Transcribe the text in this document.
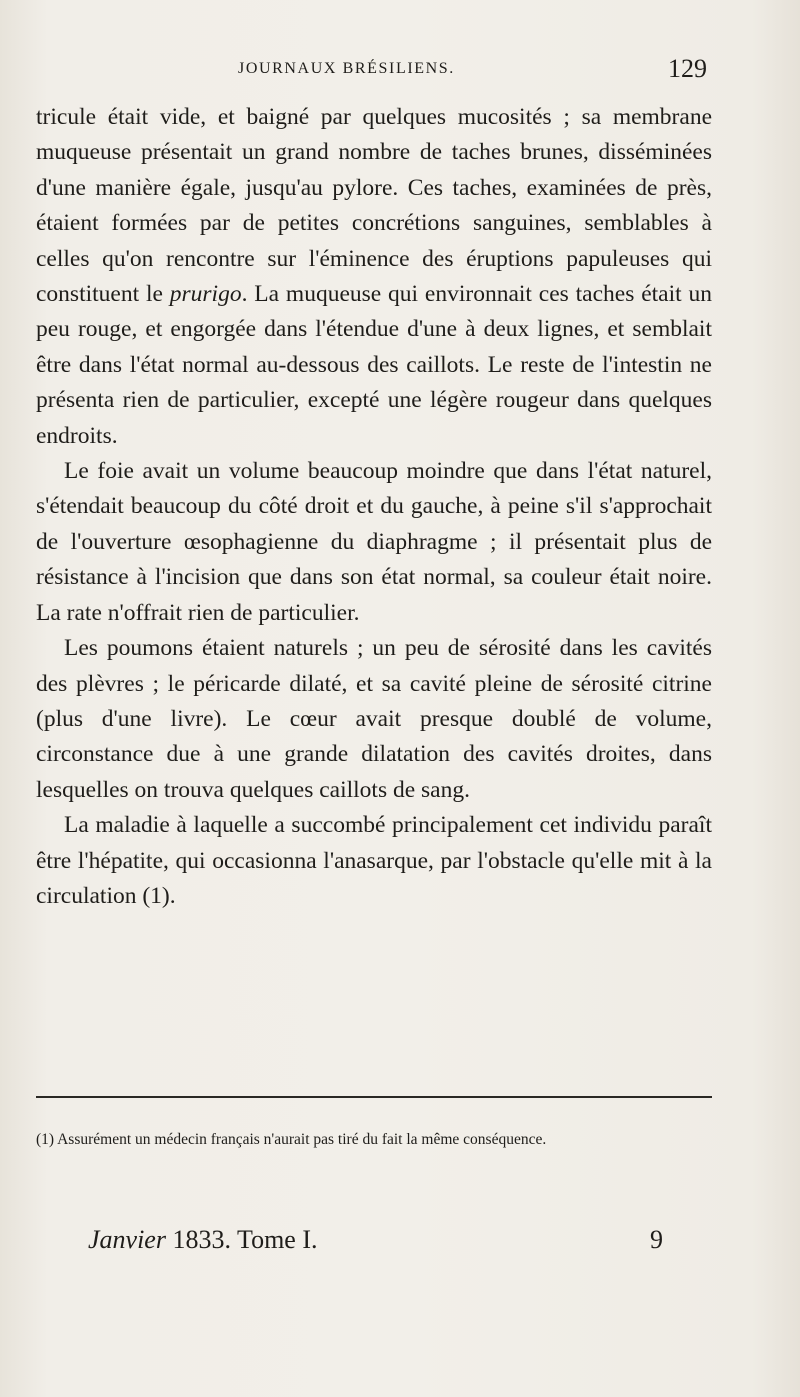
JOURNAUX BRÉSILIENS.	129

tricule était vide, et baigné par quelques mucosités ; sa membrane muqueuse présentait un grand nombre de taches brunes, disséminées d'une manière égale, jusqu'au pylore. Ces taches, examinées de près, étaient formées par de petites concrétions sanguines, semblables à celles qu'on rencontre sur l'éminence des éruptions papuleuses qui constituent le prurigo. La muqueuse qui environnait ces taches était un peu rouge, et engorgée dans l'étendue d'une à deux lignes, et semblait être dans l'état normal au-dessous des caillots. Le reste de l'intestin ne présenta rien de particulier, excepté une légère rougeur dans quelques endroits.

Le foie avait un volume beaucoup moindre que dans l'état naturel, s'étendait beaucoup du côté droit et du gauche, à peine s'il s'approchait de l'ouverture œsophagienne du diaphragme ; il présentait plus de résistance à l'incision que dans son état normal, sa couleur était noire. La rate n'offrait rien de particulier.

Les poumons étaient naturels ; un peu de sérosité dans les cavités des plèvres ; le péricarde dilaté, et sa cavité pleine de sérosité citrine (plus d'une livre). Le cœur avait presque doublé de volume, circonstance due à une grande dilatation des cavités droites, dans lesquelles on trouva quelques caillots de sang.

La maladie à laquelle a succombé principalement cet individu paraît être l'hépatite, qui occasionna l'anasarque, par l'obstacle qu'elle mit à la circulation (1).

(1) Assurément un médecin français n'aurait pas tiré du fait la même conséquence.
Janvier 1833. Tome I.	9
